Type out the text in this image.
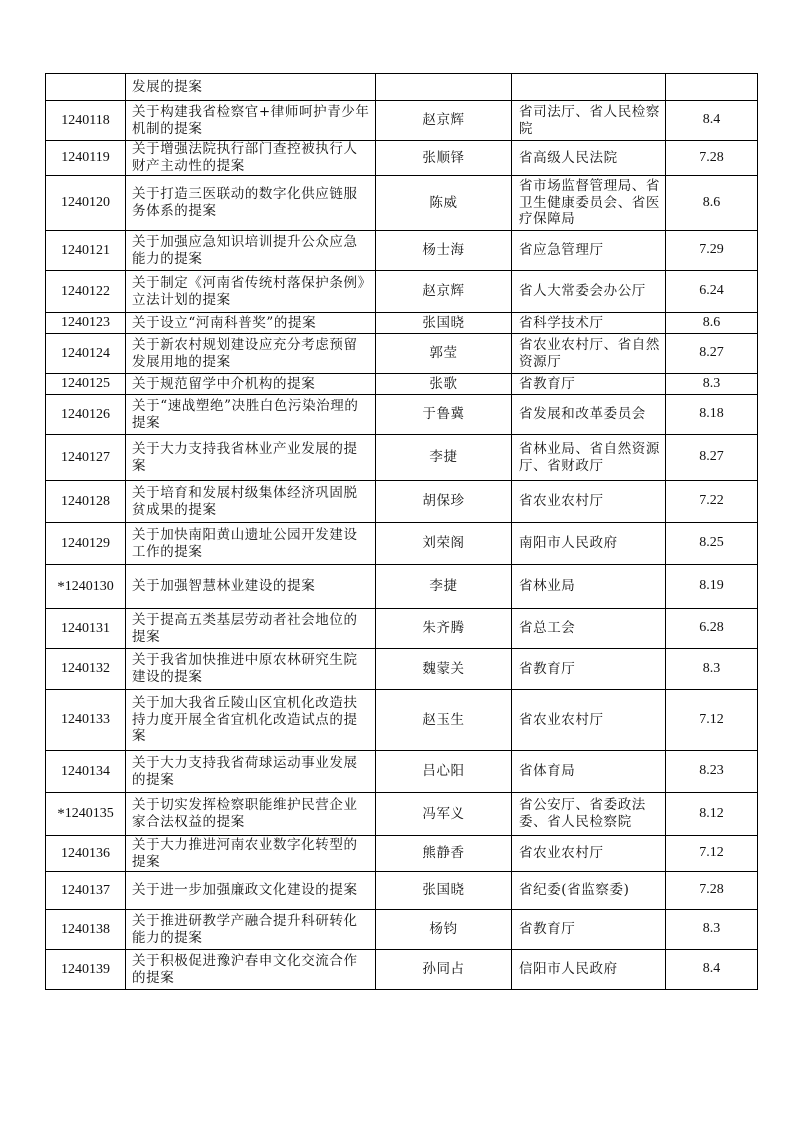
	发展的提案			
1240118	关于构建我省检察官+律师呵护青少年机制的提案	赵京辉	省司法厅、省人民检察院	8.4
1240119	关于增强法院执行部门查控被执行人财产主动性的提案	张顺铎	省高级人民法院	7.28
1240120	关于打造三医联动的数字化供应链服务体系的提案	陈威	省市场监督管理局、省卫生健康委员会、省医疗保障局	8.6
1240121	关于加强应急知识培训提升公众应急能力的提案	杨士海	省应急管理厅	7.29
1240122	关于制定《河南省传统村落保护条例》立法计划的提案	赵京辉	省人大常委会办公厅	6.24
1240123	关于设立“河南科普奖”的提案	张国晓	省科学技术厅	8.6
1240124	关于新农村规划建设应充分考虑预留发展用地的提案	郭莹	省农业农村厅、省自然资源厅	8.27
1240125	关于规范留学中介机构的提案	张歌	省教育厅	8.3
1240126	关于“速战塑绝”决胜白色污染治理的提案	于鲁冀	省发展和改革委员会	8.18
1240127	关于大力支持我省林业产业发展的提案	李捷	省林业局、省自然资源厅、省财政厅	8.27
1240128	关于培育和发展村级集体经济巩固脱贫成果的提案	胡保珍	省农业农村厅	7.22
1240129	关于加快南阳黄山遗址公园开发建设工作的提案	刘荣阁	南阳市人民政府	8.25
*1240130	关于加强智慧林业建设的提案	李捷	省林业局	8.19
1240131	关于提高五类基层劳动者社会地位的提案	朱齐腾	省总工会	6.28
1240132	关于我省加快推进中原农林研究生院建设的提案	魏蒙关	省教育厅	8.3
1240133	关于加大我省丘陵山区宜机化改造扶持力度开展全省宜机化改造试点的提案	赵玉生	省农业农村厅	7.12
1240134	关于大力支持我省荷球运动事业发展的提案	吕心阳	省体育局	8.23
*1240135	关于切实发挥检察职能维护民营企业家合法权益的提案	冯军义	省公安厅、省委政法委、省人民检察院	8.12
1240136	关于大力推进河南农业数字化转型的提案	熊静香	省农业农村厅	7.12
1240137	关于进一步加强廉政文化建设的提案	张国晓	省纪委(省监察委)	7.28
1240138	关于推进研教学产融合提升科研转化能力的提案	杨钧	省教育厅	8.3
1240139	关于积极促进豫沪春申文化交流合作的提案	孙同占	信阳市人民政府	8.4
